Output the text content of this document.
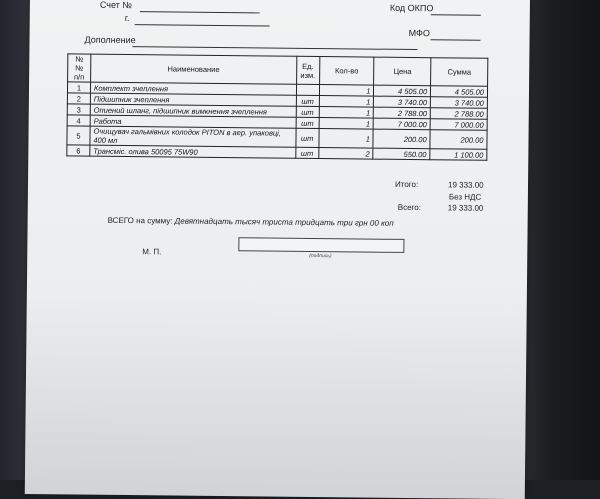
Счет №
г.
Код ОКПО
МФО
Дополнение
№№ п/п	Наименование	Ед. изм.	Кол-во	Цена	Сумма
1	Комплект зчеплення		1	4 505.00	4 505.00
2	Підшипник зчеплення	шт	1	3 740.00	3 740.00
3	Опиений шланг, підшипник вимкнення зчеплення	шт	1	2 788.00	2 788.00
4	Работа	шт	1	7 000.00	7 000.00
5	Очищувач гальмівних колодок PITON в аер. упаковці, 400 мл	шт	1	200.00	200.00
6	Трансміс. олива 50095 75W90	шт	2	550.00	1 100.00
Итого:	19 333.00
Без НДС
Всего:	19 333.00
ВСЕГО на сумму: Девятнадцать тысяч триста тридцать три грн 00 коп
(подпись)
М. П.
